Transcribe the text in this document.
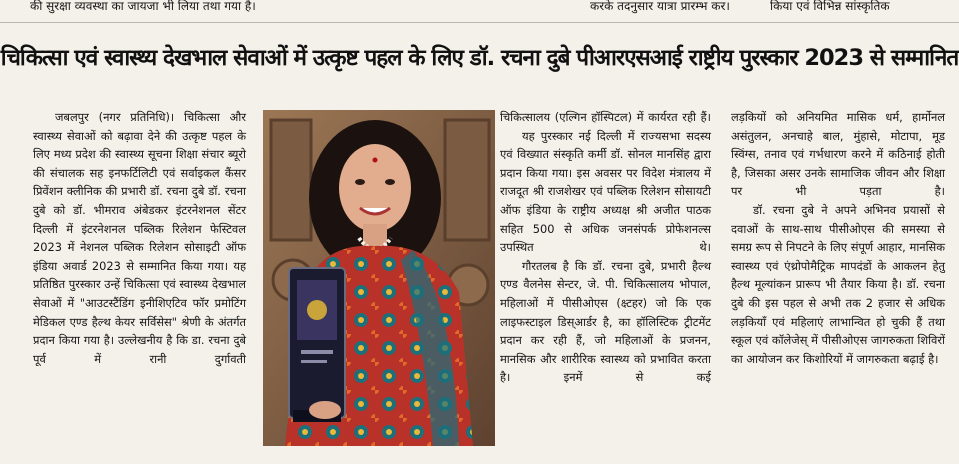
की सुरक्षा व्यवस्था का जायजा भी लिया तथा गया है।	करके तदनुसार यात्रा प्रारम्भ कर।	किया एवं विभिन्न सांस्कृतिक
चिकित्सा एवं स्वास्थ्य देखभाल सेवाओं में उत्कृष्ट पहल के लिए डॉ. रचना दुबे पीआरएसआई राष्ट्रीय पुरस्कार 2023 से सम्मानित

जबलपुर (नगर प्रतिनिधि)। चिकित्सा और स्वास्थ्य सेवाओं को बढ़ावा देने की उत्कृष्ट पहल के लिए मध्य प्रदेश की स्वास्थ्य सूचना शिक्षा संचार ब्यूरो की संचालक सह इनफर्टिलिटी एवं सर्वाइकल कैंसर प्रिवेंशन क्लीनिक की प्रभारी डॉ. रचना दुबे डॉ. रचना दुबे को डॉ. भीमराव अंबेडकर इंटरनेशनल सेंटर दिल्ली में इंटरनेशनल पब्लिक रिलेशन फेस्टिवल 2023 में नेशनल पब्लिक रिलेशन सोसाइटी ऑफ इंडिया अवार्ड 2023 से सम्मानित किया गया। यह प्रतिष्ठित पुरस्कार उन्हें चिकित्सा एवं स्वास्थ्य देखभाल सेवाओं में "आउटस्टैंडिंग इनीशिएटिव फॉर प्रमोटिंग मेडिकल एण्ड हैल्थ केयर सर्विसेस" श्रेणी के अंतर्गत प्रदान किया गया है। उल्लेखनीय है कि डा. रचना दुबे पूर्व में रानी दुर्गावती

चिकित्सालय (एल्गिन हॉस्पिटल) में कार्यरत रही हैं।

यह पुरस्कार नई दिल्ली में राज्यसभा सदस्य एवं विख्यात संस्कृति कर्मी डॉ. सोनल मानसिंह द्वारा प्रदान किया गया। इस अवसर पर विदेश मंत्रालय में राजदूत श्री राजशेखर एवं पब्लिक रिलेशन सोसायटी ऑफ इंडिया के राष्ट्रीय अध्यक्ष श्री अजीत पाठक सहित 500 से अधिक जनसंपर्क प्रोफेशनल्स उपस्थित थे।

गौरतलब है कि डॉ. रचना दुबे, प्रभारी हैल्थ एण्ड वैलनेस सेन्टर, जे. पी. चिकित्सालय भोपाल, महिलाओं में पीसीओएस (क्ष्टहर) जो कि एक लाइफस्टाइल डिस्आर्डर है, का हॉलिस्टिक ट्रीटमेंट प्रदान कर रही हैं, जो महिलाओं के प्रजनन, मानसिक और शारीरिक स्वास्थ्य को प्रभावित करता है। इनमें से कई

लड़कियों को अनियमित मासिक धर्म, हार्मोनल असंतुलन, अनचाहे बाल, मुंहासे, मोटापा, मूड स्विंग्स, तनाव एवं गर्भधारण करने में कठिनाई होती है, जिसका असर उनके सामाजिक जीवन और शिक्षा पर भी पड़ता है।

डॉ. रचना दुबे ने अपने अभिनव प्रयासों से दवाओं के साथ-साथ पीसीओएस की समस्या से समग्र रूप से निपटने के लिए संपूर्ण आहार, मानसिक स्वास्थ्य एवं एंथ्रोपोमैट्रिक मापदंडों के आकलन हेतु हैल्थ मूल्यांकन प्रारूप भी तैयार किया है। डॉ. रचना दुबे की इस पहल से अभी तक 2 हजार से अधिक लड़कियाँ एवं महिलाएं लाभान्वित हो चुकी हैं तथा स्कूल एवं कॉलेजेस् में पीसीओएस जागरुकता शिविरों का आयोजन कर किशोरियों में जागरुकता बढ़ाई है।
